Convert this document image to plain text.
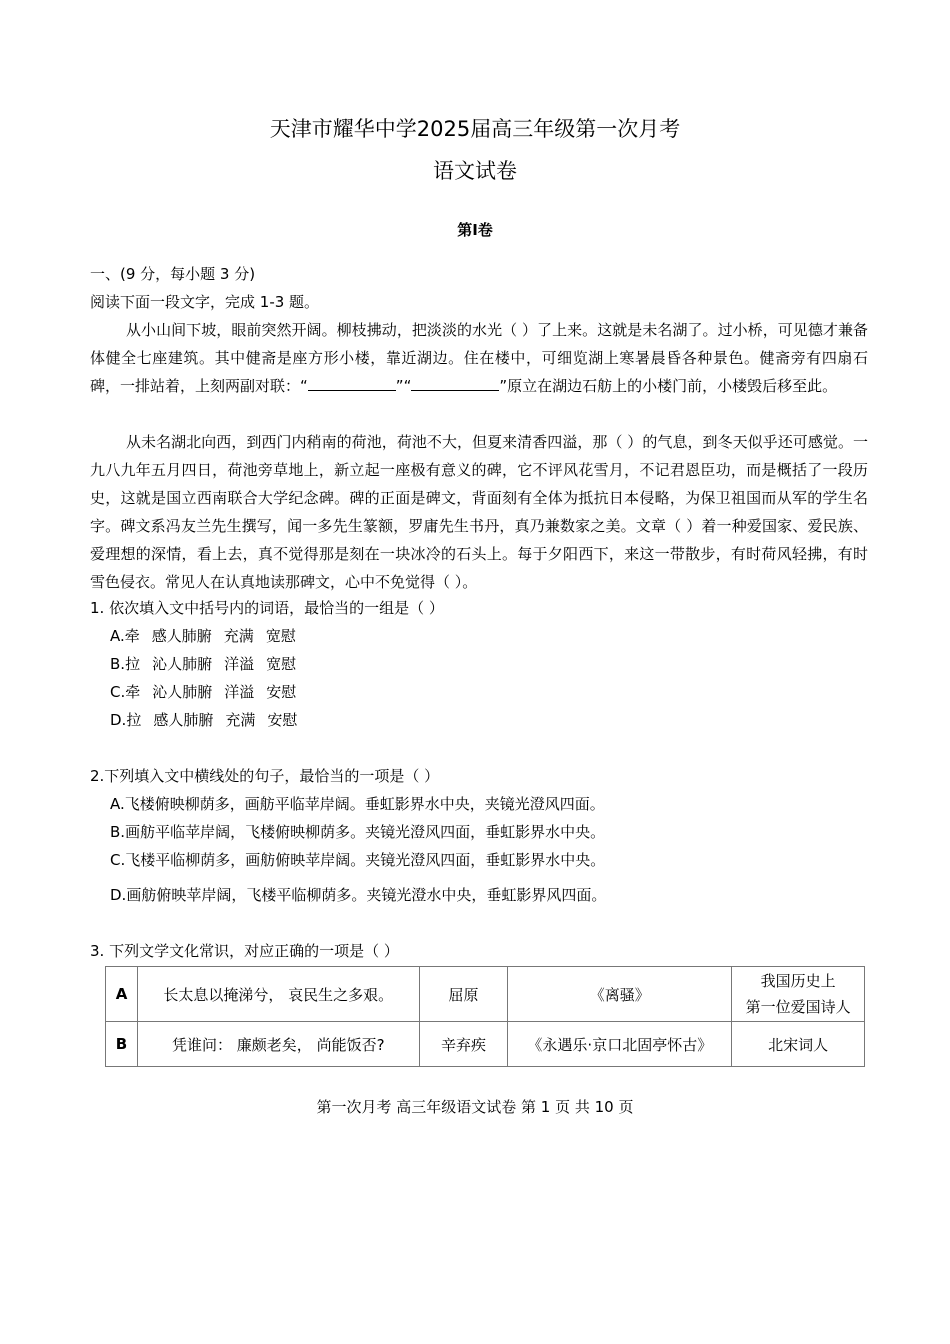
天津市耀华中学2025届高三年级第一次月考
语文试卷
第Ⅰ卷
一、(9 分，每小题 3 分)
阅读下面一段文字，完成 1-3 题。
从小山间下坡，眼前突然开阔。柳枝拂动，把淡淡的水光（ ）了上来。这就是未名湖了。过小桥，可见德才兼备体健全七座建筑。其中健斋是座方形小楼，靠近湖边。住在楼中，可细览湖上寒暑晨昏各种景色。健斋旁有四扇石碑，一排站着，上刻两副对联：“	”“	”原立在湖边石舫上的小楼门前，小楼毁后移至此。
从未名湖北向西，到西门内稍南的荷池，荷池不大，但夏来清香四溢，那（ ）的气息，到冬天似乎还可感觉。一九八九年五月四日，荷池旁草地上，新立起一座极有意义的碑，它不评风花雪月，不记君恩臣功，而是概括了一段历史，这就是国立西南联合大学纪念碑。碑的正面是碑文，背面刻有全体为抵抗日本侵略，为保卫祖国而从军的学生名字。碑文系冯友兰先生撰写，闻一多先生篆额，罗庸先生书丹，真乃兼数家之美。文章（ ）着一种爱国家、爱民族、爱理想的深情，看上去，真不觉得那是刻在一块冰冷的石头上。每于夕阳西下，来这一带散步，有时荷风轻拂，有时雪色侵衣。常见人在认真地读那碑文，心中不免觉得（ ）。
1. 依次填入文中括号内的词语，最恰当的一组是（ ）
A.牵 感人肺腑 充满 宽慰
B.拉 沁人肺腑 洋溢 宽慰
C.牵 沁人肺腑 洋溢 安慰
D.拉 感人肺腑 充满 安慰
2.下列填入文中横线处的句子，最恰当的一项是（ ）
A.飞楼俯映柳荫多，画舫平临苹岸阔。垂虹影界水中央，夹镜光澄风四面。
B.画舫平临苹岸阔，飞楼俯映柳荫多。夹镜光澄风四面，垂虹影界水中央。
C.飞楼平临柳荫多，画舫俯映苹岸阔。夹镜光澄风四面，垂虹影界水中央。
D.画舫俯映苹岸阔，飞楼平临柳荫多。夹镜光澄水中央，垂虹影界风四面。
3. 下列文学文化常识，对应正确的一项是（ ）
A	长太息以掩涕兮， 哀民生之多艰。	屈原	《离骚》	我国历史上
第一位爱国诗人

B	凭谁问： 廉颇老矣， 尚能饭否?	辛弃疾	《永遇乐·京口北固亭怀古》	北宋词人
第一次月考 高三年级语文试卷 第 1 页 共 10 页
